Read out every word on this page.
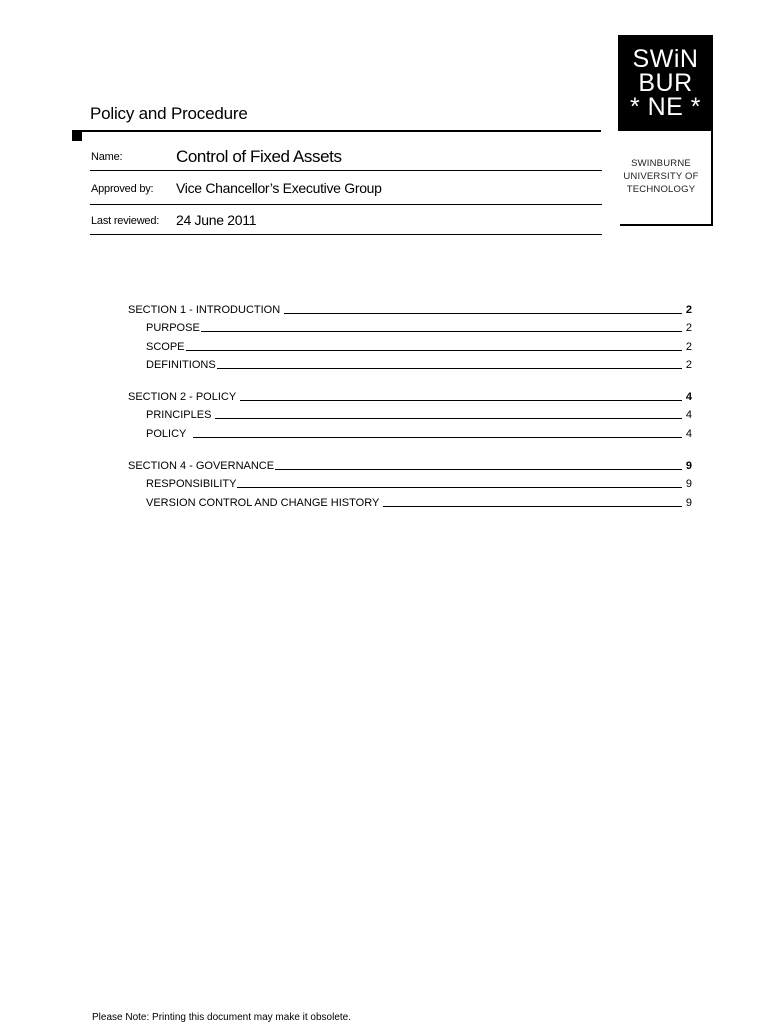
Policy and Procedure
Name:	Control of Fixed Assets
Approved by: Vice Chancellor’s Executive Group
Last reviewed: 24 June 2011
SWiN
BUR
* NE *
SWINBURNE
UNIVERSITY OF
TECHNOLOGY
SECTION 1 - INTRODUCTION	2
PURPOSE	2
SCOPE	2
DEFINITIONS	2
SECTION 2 - POLICY	4
PRINCIPLES	4
POLICY	4
SECTION 4 - GOVERNANCE	9
RESPONSIBILITY	9
VERSION CONTROL AND CHANGE HISTORY	9
Please Note: Printing this document may make it obsolete.
